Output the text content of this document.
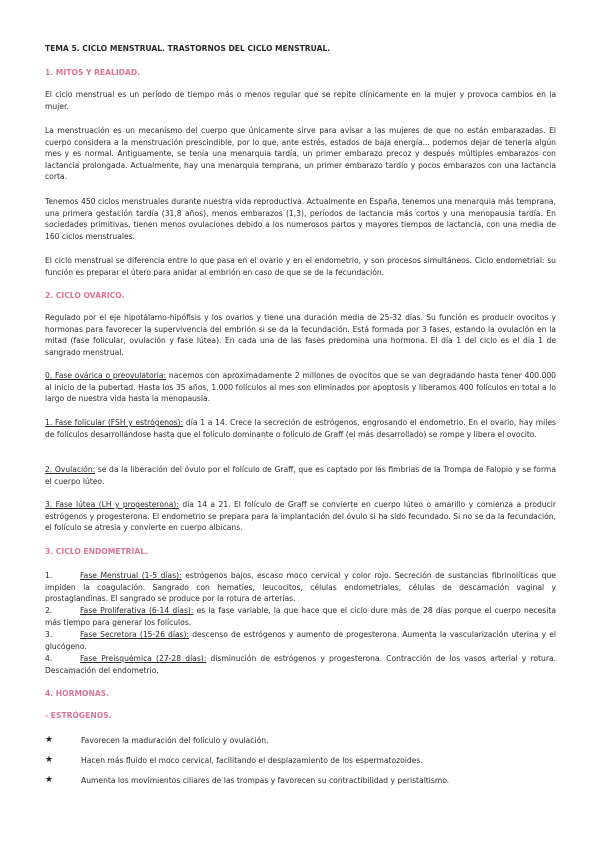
TEMA 5. CICLO MENSTRUAL. TRASTORNOS DEL CICLO MENSTRUAL.

1. MITOS Y REALIDAD.

El ciclo menstrual es un período de tiempo más o menos regular que se repite clínicamente en la mujer y provoca cambios en la mujer.

La menstruación es un mecanismo del cuerpo que únicamente sirve para avisar a las mujeres de que no están embarazadas. El cuerpo considera a la menstruación prescindible, por lo que, ante estrés, estados de baja energía... podemos dejar de tenerla algún mes y es normal. Antiguamente, se tenía una menarquia tardía, un primer embarazo precoz y después múltiples embarazos con lactancia prolongada. Actualmente, hay una menarquia temprana, un primer embarazo tardío y pocos embarazos con una lactancia corta.

Tenemos 450 ciclos menstruales durante nuestra vida reproductiva. Actualmente en España, tenemos una menarquia más temprana, una primera gestación tardía (31,8 años), menos embarazos (1,3), períodos de lactancia más cortos y una menopausia tardía. En sociedades primitivas, tienen menos ovulaciones debido a los numerosos partos y mayores tiempos de lactancia, con una media de 160 ciclos menstruales.

El ciclo menstrual se diferencia entre lo que pasa en el ovario y en el endometrio, y son procesos simultáneos. Ciclo endometrial: su función es preparar el útero para anidar al embrión en caso de que se de la fecundación.

2. CICLO OVÁRICO.

Regulado por el eje hipotálamo-hipófisis y los ovarios y tiene una duración media de 25-32 días. Su función es producir ovocitos y hormonas para favorecer la supervivencia del embrión si se da la fecundación. Está formada por 3 fases, estando la ovulación en la mitad (fase folicular, ovulación y fase lútea). En cada una de las fases predomina una hormona. El día 1 del ciclo es el día 1 de sangrado menstrual.

0. Fase ovárica o preovulatoria: nacemos con aproximadamente 2 millones de ovocitos que se van degradando hasta tener 400.000 al inicio de la pubertad. Hasta los 35 años, 1.000 folículos al mes son eliminados por apoptosis y liberamos 400 folículos en total a lo largo de nuestra vida hasta la menopausia.

1. Fase folicular (FSH y estrógenos): día 1 a 14. Crece la secreción de estrógenos, engrosando el endometrio. En el ovario, hay miles de folículos desarrollándose hasta que el folículo dominante o folículo de Graff (el más desarrollado) se rompe y libera el ovocito.

2. Ovulación: se da la liberación del óvulo por el folículo de Graff, que es captado por las fimbrias de la Trompa de Falopio y se forma el cuerpo lúteo.

3. Fase lútea (LH y progesterona): día 14 a 21. El folículo de Graff se convierte en cuerpo lúteo o amarillo y comienza a producir estrógenos y progesterona. El endometrio se prepara para la implantación del óvulo si ha sido fecundado. Si no se da la fecundación, el folículo se atresia y convierte en cuerpo albicans.

3. CICLO ENDOMETRIAL.

1.	Fase Menstrual (1-5 días): estrógenos bajos, escaso moco cervical y color rojo. Secreción de sustancias fibrinolíticas que impiden la coagulación. Sangrado con hematíes, leucocitos, células endometriales, células de descamación vaginal y prostaglandinas. El sangrado se produce por la rotura de arterias.

2.	Fase Proliferativa (6-14 días): es la fase variable, la que hace que el ciclo dure más de 28 días porque el cuerpo necesita más tiempo para generar los folículos.

3.	Fase Secretora (15-26 días): descenso de estrógenos y aumento de progesterona. Aumenta la vascularización uterina y el glucógeno.

4.	Fase Preisquémica (27-28 días): disminución de estrógenos y progesterona. Contracción de los vasos arterial y rotura. Descamación del endometrio.

4. HORMONAS.

- ESTRÓGENOS.

★	Favorecen la maduración del folículo y ovulación.

★	Hacen más fluido el moco cervical, facilitando el desplazamiento de los espermatozoides.

★	Aumenta los movimientos ciliares de las trompas y favorecen su contractibilidad y peristaltismo.
